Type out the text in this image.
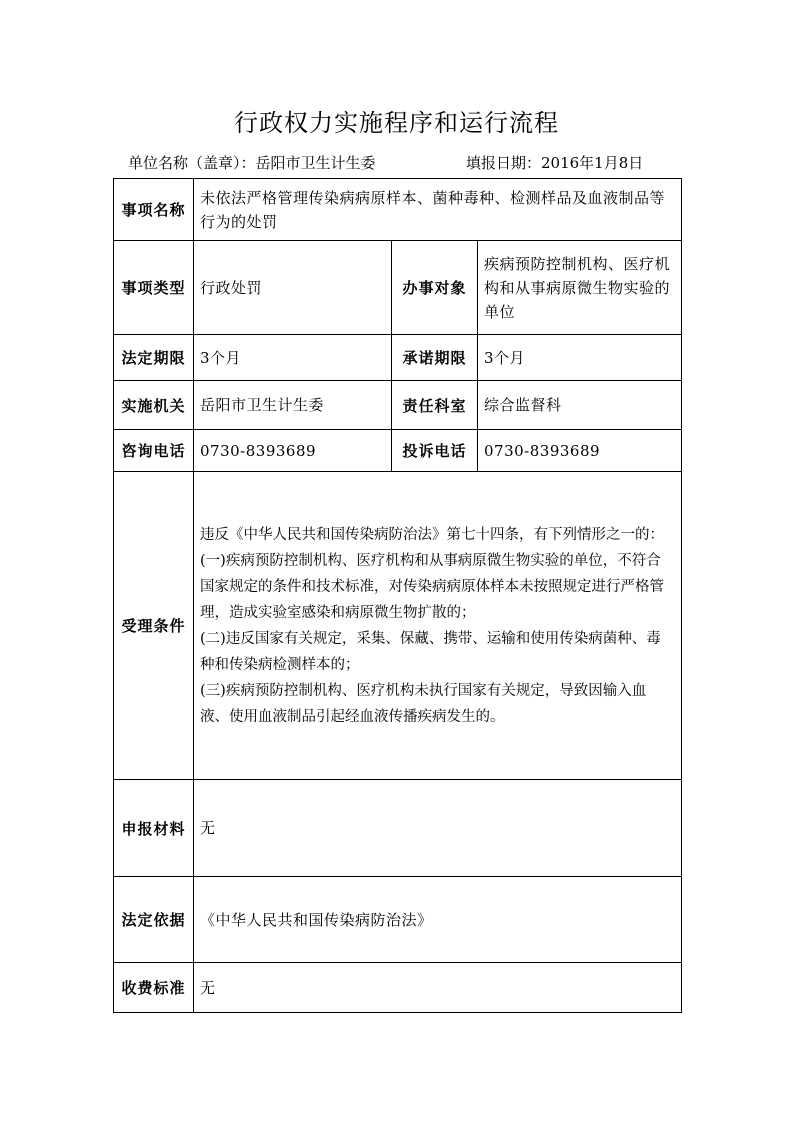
行政权力实施程序和运行流程
单位名称（盖章）：岳阳市卫生计生委	填报日期：2016年1月8日
事项名称	未依法严格管理传染病病原样本、菌种毒种、检测样品及血液制品等行为的处罚		
事项类型	行政处罚	办事对象	疾病预防控制机构、医疗机构和从事病原微生物实验的单位
法定期限	3个月	承诺期限	3个月
实施机关	岳阳市卫生计生委	责任科室	综合监督科
咨询电话	0730-8393689	投诉电话	0730-8393689
受理条件	违反《中华人民共和国传染病防治法》第七十四条，有下列情形之一的：
(一)疾病预防控制机构、医疗机构和从事病原微生物实验的单位，不符合国家规定的条件和技术标准，对传染病病原体样本未按照规定进行严格管理，造成实验室感染和病原微生物扩散的；
(二)违反国家有关规定，采集、保藏、携带、运输和使用传染病菌种、毒种和传染病检测样本的；
(三)疾病预防控制机构、医疗机构未执行国家有关规定，导致因输入血液、使用血液制品引起经血液传播疾病发生的。		

申报材料	无		
法定依据	《中华人民共和国传染病防治法》		
收费标准	无		
